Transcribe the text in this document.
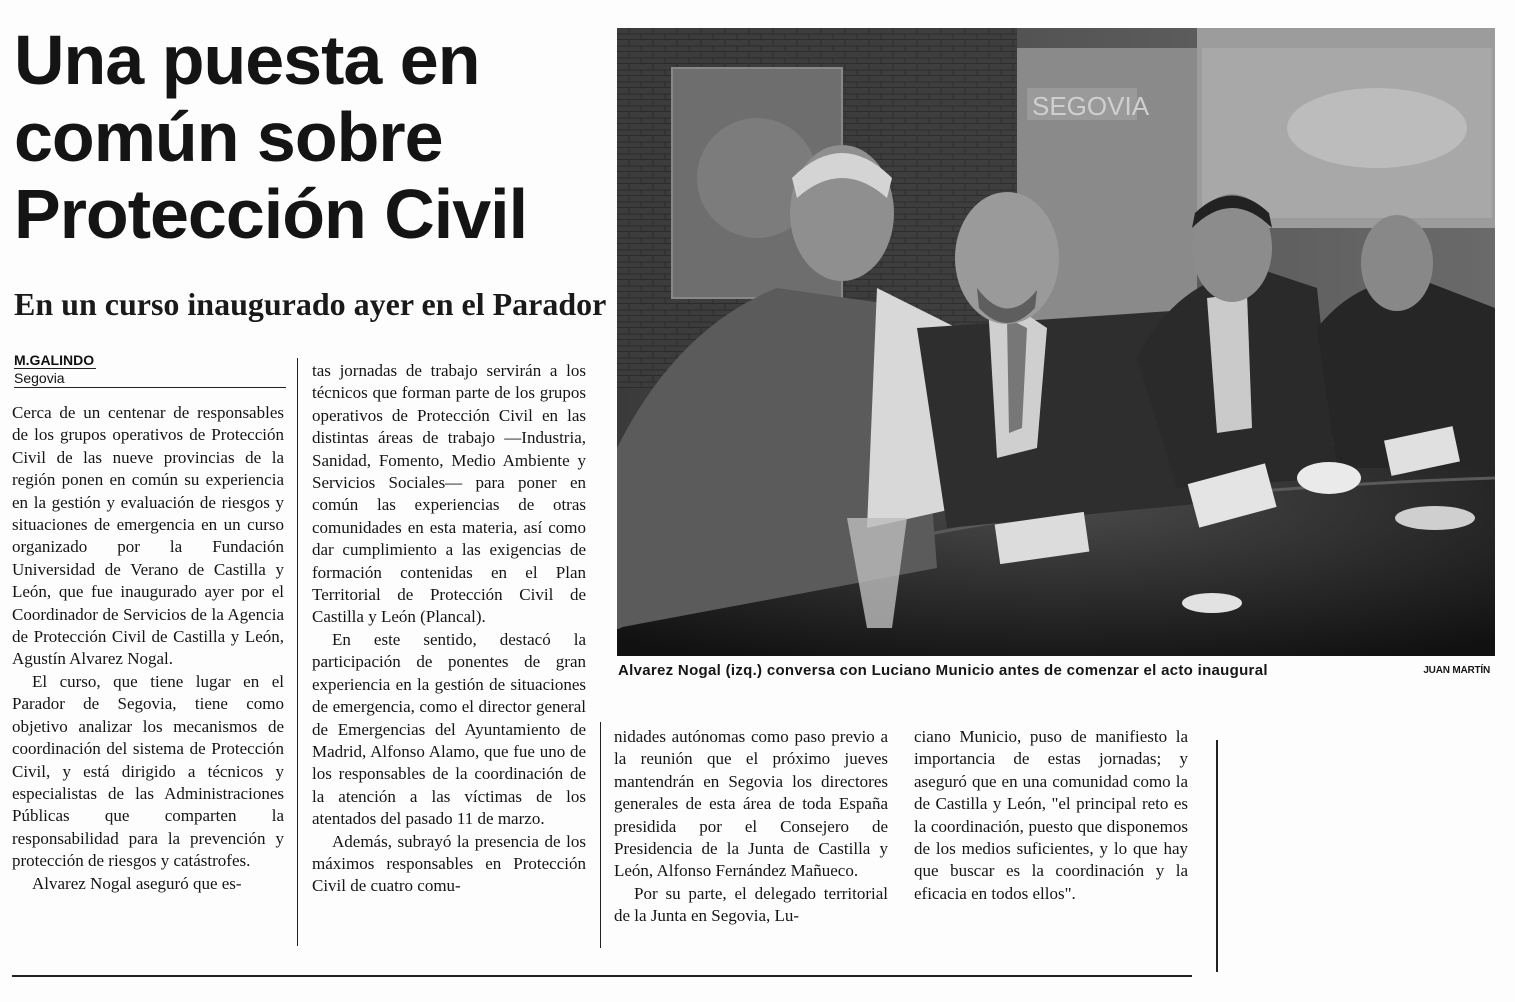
Una puesta en
común sobre
Protección Civil
En un curso inaugurado ayer en el Parador
M.GALINDO
Segovia

Cerca de un centenar de responsables de los grupos operativos de Protección Civil de las nueve provincias de la región ponen en común su experiencia en la gestión y evaluación de riesgos y situaciones de emergencia en un curso organizado por la Fundación Universidad de Verano de Castilla y León, que fue inaugurado ayer por el Coordinador de Servicios de la Agencia de Protección Civil de Castilla y León, Agustín Alvarez Nogal.

El curso, que tiene lugar en el Parador de Segovia, tiene como objetivo analizar los mecanismos de coordinación del sistema de Protección Civil, y está dirigido a técnicos y especialistas de las Administraciones Públicas que comparten la responsabilidad para la prevención y protección de riesgos y catástrofes.

Alvarez Nogal aseguró que es-

tas jornadas de trabajo servirán a los técnicos que forman parte de los grupos operativos de Protección Civil en las distintas áreas de trabajo —Industria, Sanidad, Fomento, Medio Ambiente y Servicios Sociales— para poner en común las experiencias de otras comunidades en esta materia, así como dar cumplimiento a las exigencias de formación contenidas en el Plan Territorial de Protección Civil de Castilla y León (Plancal).

En este sentido, destacó la participación de ponentes de gran experiencia en la gestión de situaciones de emergencia, como el director general de Emergencias del Ayuntamiento de Madrid, Alfonso Alamo, que fue uno de los responsables de la coordinación de la atención a las víctimas de los atentados del pasado 11 de marzo.

Además, subrayó la presencia de los máximos responsables en Protección Civil de cuatro comu-

nidades autónomas como paso previo a la reunión que el próximo jueves mantendrán en Segovia los directores generales de esta área de toda España presidida por el Consejero de Presidencia de la Junta de Castilla y León, Alfonso Fernández Mañueco.

Por su parte, el delegado territorial de la Junta en Segovia, Lu-

ciano Municio, puso de manifiesto la importancia de estas jornadas; y aseguró que en una comunidad como la de Castilla y León, "el principal reto es la coordinación, puesto que disponemos de los medios suficientes, y lo que hay que buscar es la coordinación y la eficacia en todos ellos".

SEGOVIA

Alvarez Nogal (izq.) conversa con Luciano Municio antes de comenzar el acto inaugural	JUAN MARTÍN
